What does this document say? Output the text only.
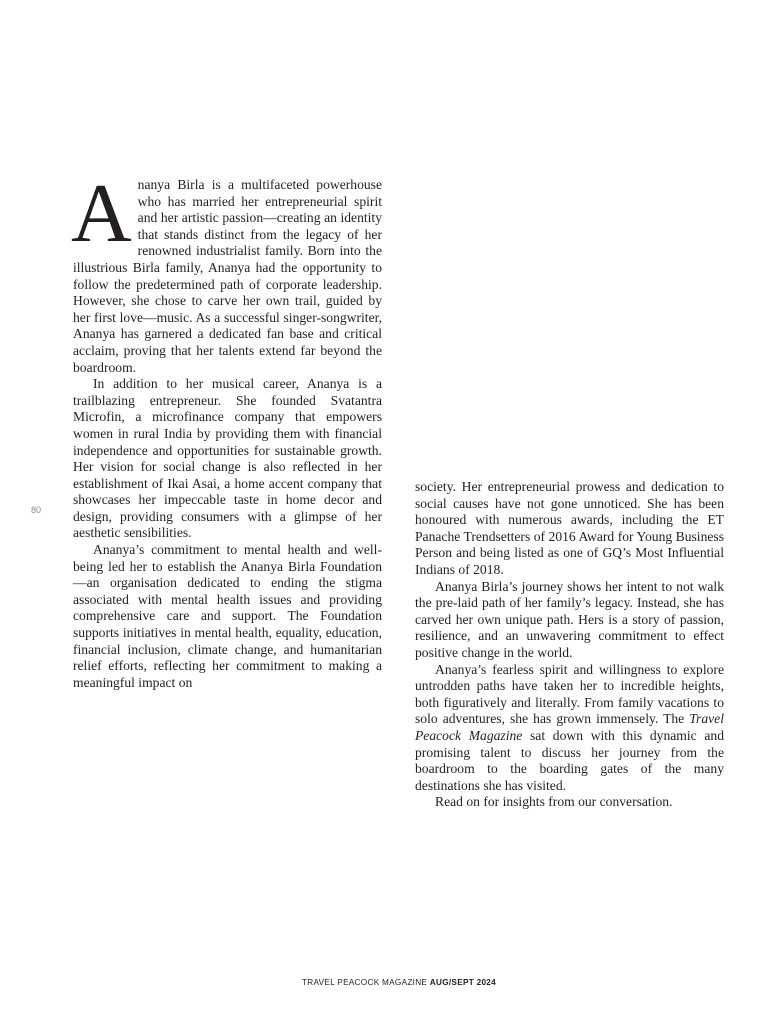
80

Ananya Birla is a multifaceted powerhouse who has married her entrepreneurial spirit and her artistic passion—creating an identity that stands distinct from the legacy of her renowned industrialist family. Born into the illustrious Birla family, Ananya had the opportunity to follow the predetermined path of corporate leadership. However, she chose to carve her own trail, guided by her first love—music. As a successful singer-songwriter, Ananya has garnered a dedicated fan base and critical acclaim, proving that her talents extend far beyond the boardroom.

In addition to her musical career, Ananya is a trailblazing entrepreneur. She founded Svatantra Microfin, a microfinance company that empowers women in rural India by providing them with financial independence and opportunities for sustainable growth. Her vision for social change is also reflected in her establishment of Ikai Asai, a home accent company that showcases her impeccable taste in home decor and design, providing consumers with a glimpse of her aesthetic sensibilities.

Ananya’s commitment to mental health and well-being led her to establish the Ananya Birla Foundation—an organisation dedicated to ending the stigma associated with mental health issues and providing comprehensive care and support. The Foundation supports initiatives in mental health, equality, education, financial inclusion, climate change, and humanitarian relief efforts, reflecting her commitment to making a meaningful impact on

society. Her entrepreneurial prowess and dedication to social causes have not gone unnoticed. She has been honoured with numerous awards, including the ET Panache Trendsetters of 2016 Award for Young Business Person and being listed as one of GQ’s Most Influential Indians of 2018.

Ananya Birla’s journey shows her intent to not walk the pre-laid path of her family’s legacy. Instead, she has carved her own unique path. Hers is a story of passion, resilience, and an unwavering commitment to effect positive change in the world.

Ananya’s fearless spirit and willingness to explore untrodden paths have taken her to incredible heights, both figuratively and literally. From family vacations to solo adventures, she has grown immensely. The Travel Peacock Magazine sat down with this dynamic and promising talent to discuss her journey from the boardroom to the boarding gates of the many destinations she has visited.

Read on for insights from our conversation.

TRAVEL PEACOCK MAGAZINE AUG/SEPT 2024
